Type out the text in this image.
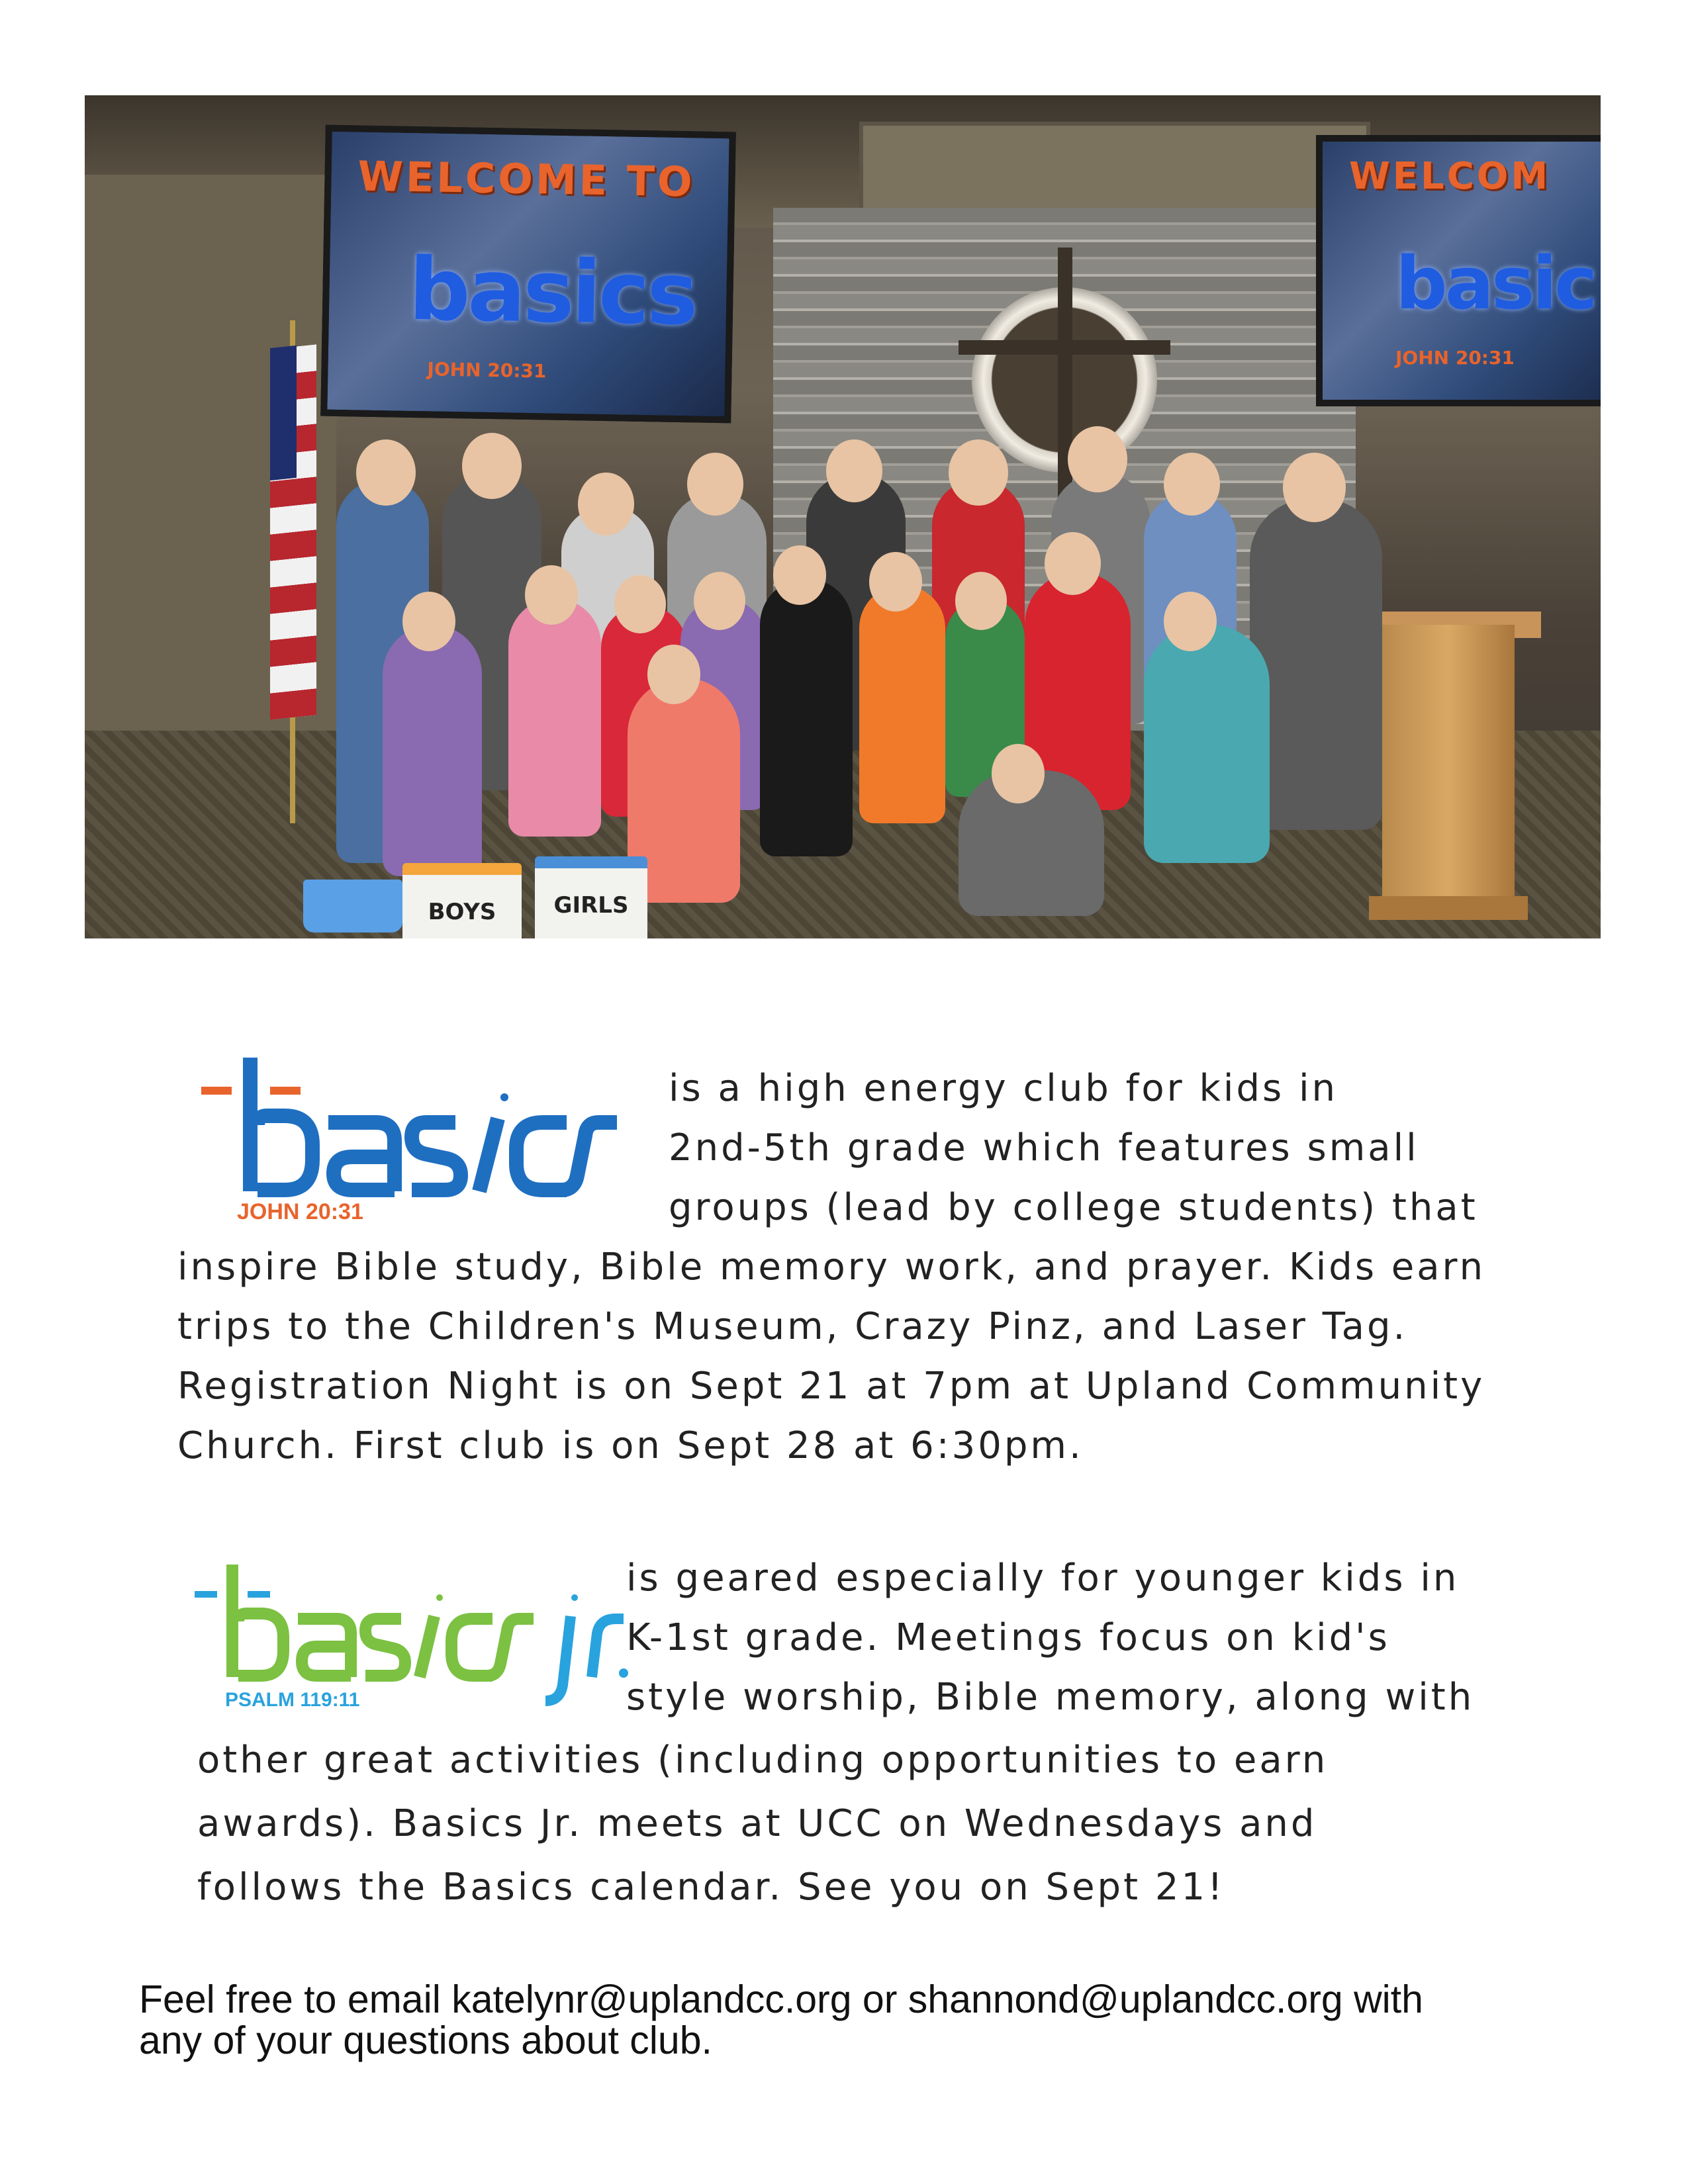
WELCOME TO
basics
JOHN 20:31
WELCOM
basic
JOHN 20:31
BOYS	GIRLS
JOHN 20:31
PSALM 119:11
is a high energy club for kids in
2nd-5th grade which features small
groups (lead by college students) that
inspire Bible study, Bible memory work, and prayer. Kids earn
trips to the Children's Museum, Crazy Pinz, and Laser Tag.
Registration Night is on Sept 21 at 7pm at Upland Community
Church. First club is on Sept 28 at 6:30pm.
is geared especially for younger kids in
K-1st grade. Meetings focus on kid's
style worship, Bible memory, along with
other great activities (including opportunities to earn
awards). Basics Jr. meets at UCC on Wednesdays and
follows the Basics calendar. See you on Sept 21!
Feel free to email katelynr@uplandcc.org or shannond@uplandcc.org with
any of your questions about club.
